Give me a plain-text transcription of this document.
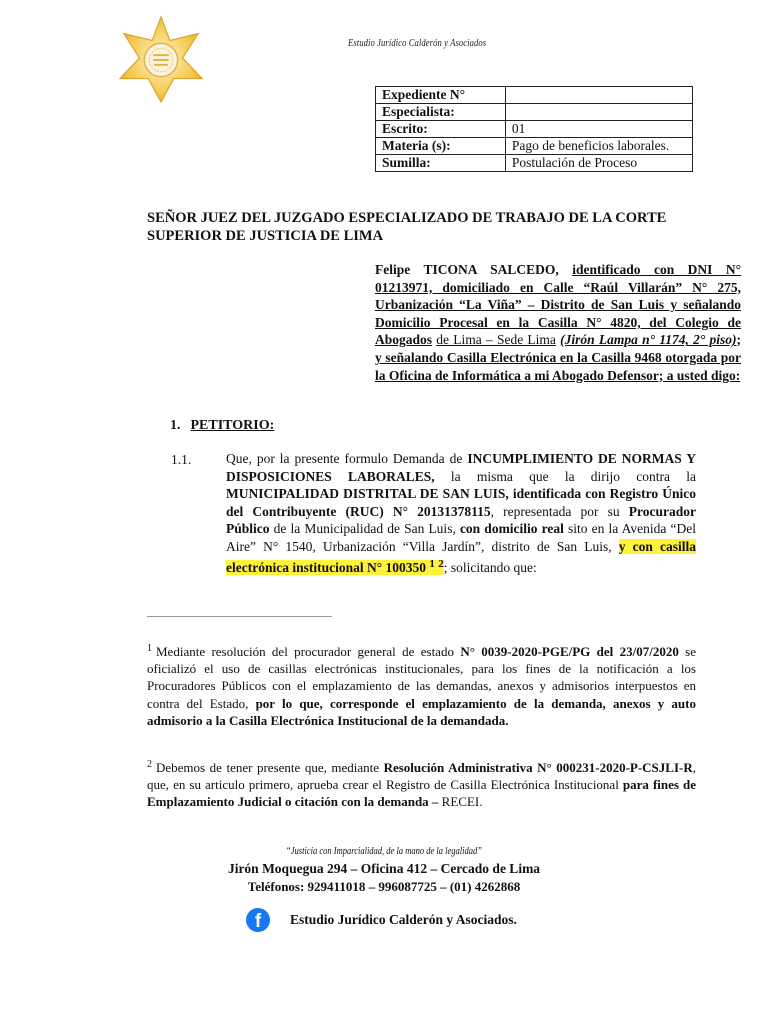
Estudio Jurídico Calderón y Asociados
Expediente N°	
Especialista:	
Escrito:	01
Materia (s):	Pago de beneficios laborales.
Sumilla:	Postulación de Proceso
SEÑOR JUEZ DEL JUZGADO ESPECIALIZADO DE TRABAJO DE LA CORTE SUPERIOR DE JUSTICIA DE LIMA
Felipe TICONA SALCEDO, identificado con DNI N° 01213971, domiciliado en Calle “Raúl Villarán” N° 275, Urbanización “La Viña” – Distrito de San Luis y señalando Domicilio Procesal en la Casilla N° 4820, del Colegio de Abogados de Lima – Sede Lima (Jirón Lampa n° 1174, 2° piso); y señalando Casilla Electrónica en la Casilla 9468 otorgada por la Oficina de Informática a mi Abogado Defensor; a usted digo:
1. PETITORIO:
1.1.	Que, por la presente formulo Demanda de INCUMPLIMIENTO DE NORMAS Y DISPOSICIONES LABORALES, la misma que la dirijo contra la MUNICIPALIDAD DISTRITAL DE SAN LUIS, identificada con Registro Único del Contribuyente (RUC) N° 20131378115, representada por su Procurador Público de la Municipalidad de San Luis, con domicilio real sito en la Avenida “Del Aire” N° 1540, Urbanización “Villa Jardín”, distrito de San Luis, y con casilla electrónica institucional N° 100350 $^1$ $^2$; solicitando que:
$^1$ Mediante resolución del procurador general de estado N° 0039-2020-PGE/PG del 23/07/2020 se oficializó el uso de casillas electrónicas institucionales, para los fines de la notificación a los Procuradores Públicos con el emplazamiento de las demandas, anexos y admisorios interpuestos en contra del Estado, por lo que, corresponde el emplazamiento de la demanda, anexos y auto admisorio a la Casilla Electrónica Institucional de la demandada.
$^2$ Debemos de tener presente que, mediante Resolución Administrativa N° 000231-2020-P-CSJLI-R, que, en su articulo primero, aprueba crear el Registro de Casilla Electrónica Institucional para fines de Emplazamiento Judicial o citación con la demanda – RECEI.
“Justicia con Imparcialidad, de la mano de la legalidad”
Jirón Moquegua 294 – Oficina 412 – Cercado de Lima
Teléfonos: 929411018 – 996087725 – (01) 4262868
f	Estudio Jurídico Calderón y Asociados.
